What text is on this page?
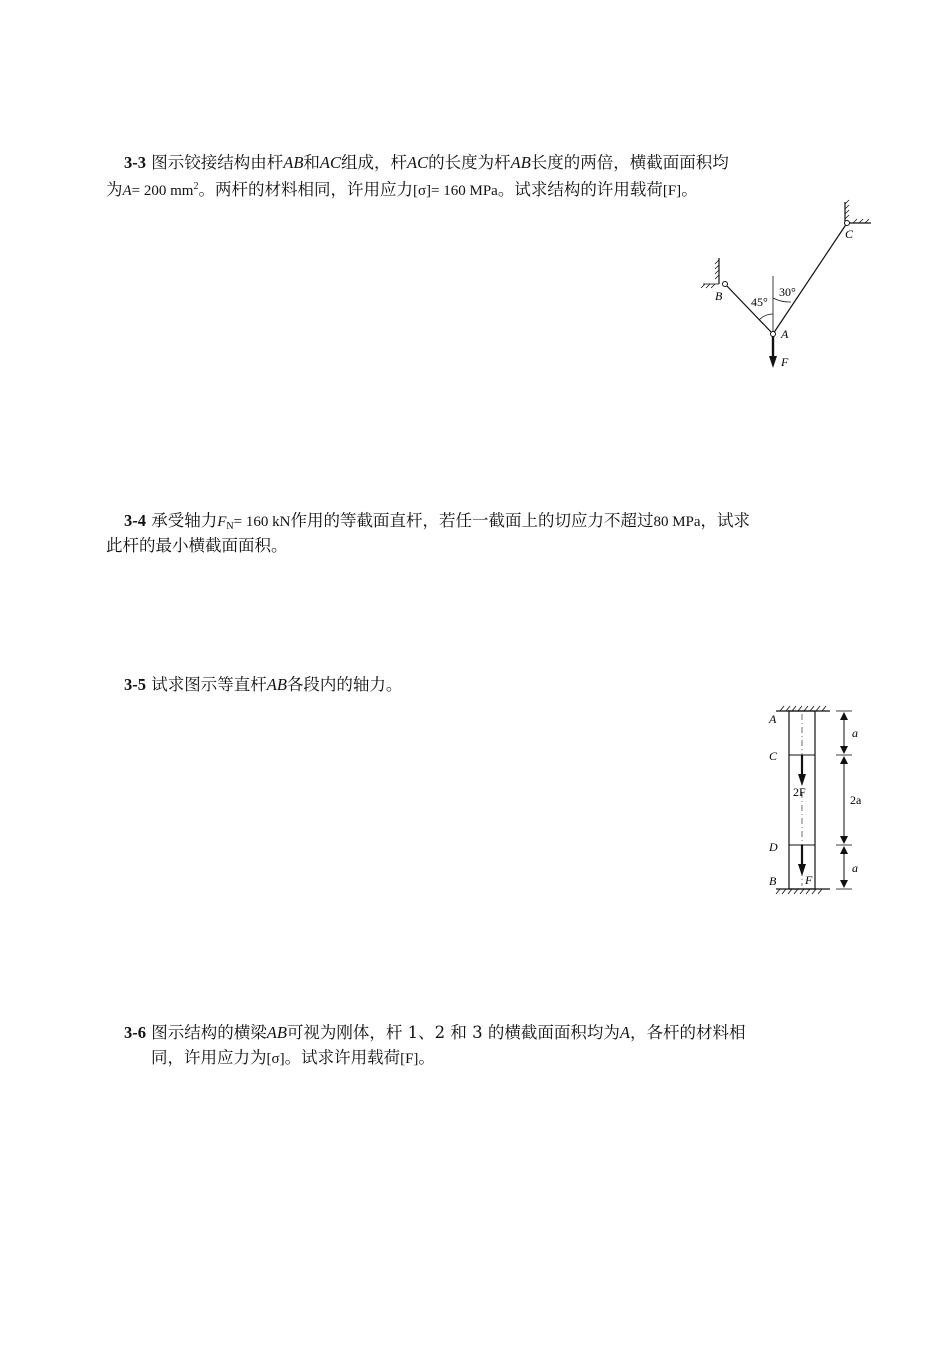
3-3 图示铰接结构由杆AB和AC组成，杆AC的长度为杆AB长度的两倍，横截面面积均
为A= 200 $mm^2$。两杆的材料相同，许用应力[σ]= 160 MPa。试求结构的许用载荷[F]。
B
C
A
F
45°
30°
3-4 承受轴力$F_N= 160$ kN作用的等截面直杆，若任一截面上的切应力不超过80 MPa，试求
此杆的最小横截面面积。
3-5 试求图示等直杆AB各段内的轴力。
A
C
D
B
2F
F
a
2a
a
3-6 图示结构的横梁AB可视为刚体，杆 1、2 和 3 的横截面面积均为A，各杆的材料相
同，许用应力为[σ]。试求许用载荷[F]。
